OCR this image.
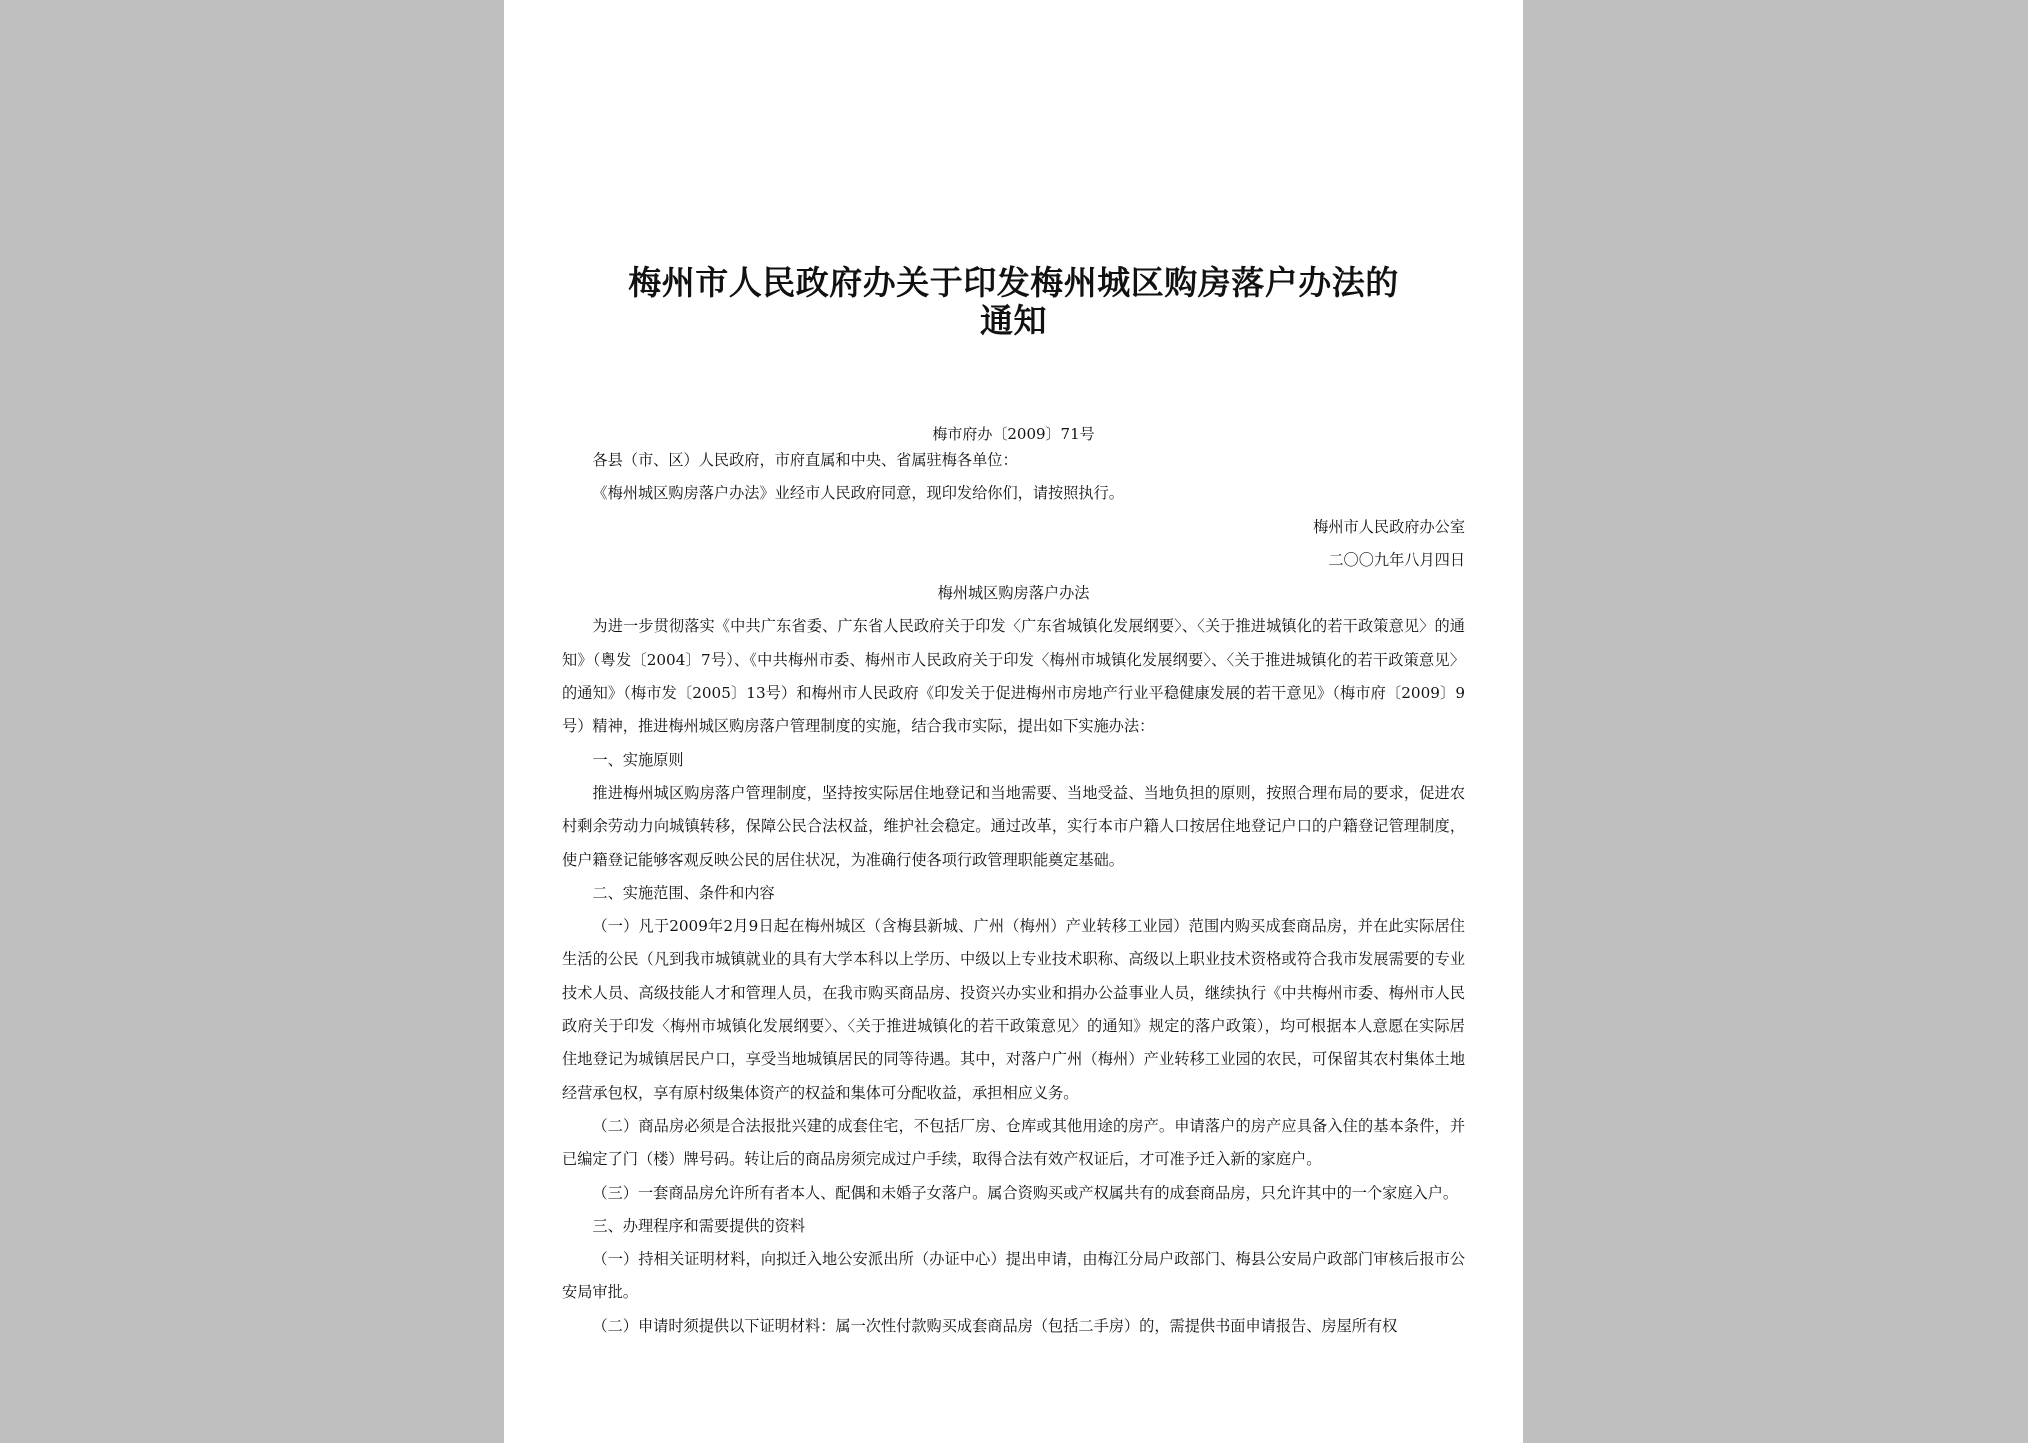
梅州市人民政府办关于印发梅州城区购房落户办法的
通知
梅市府办〔2009〕71号

各县（市、区）人民政府，市府直属和中央、省属驻梅各单位：

《梅州城区购房落户办法》业经市人民政府同意，现印发给你们，请按照执行。

梅州市人民政府办公室

二〇〇九年八月四日

梅州城区购房落户办法

为进一步贯彻落实《中共广东省委、广东省人民政府关于印发〈广东省城镇化发展纲要〉、〈关于推进城镇化的若干政策意见〉的通知》（粤发〔2004〕7号）、《中共梅州市委、梅州市人民政府关于印发〈梅州市城镇化发展纲要〉、〈关于推进城镇化的若干政策意见〉的通知》（梅市发〔2005〕13号）和梅州市人民政府《印发关于促进梅州市房地产行业平稳健康发展的若干意见》（梅市府〔2009〕9号）精神，推进梅州城区购房落户管理制度的实施，结合我市实际，提出如下实施办法：

一、实施原则

推进梅州城区购房落户管理制度，坚持按实际居住地登记和当地需要、当地受益、当地负担的原则，按照合理布局的要求，促进农村剩余劳动力向城镇转移，保障公民合法权益，维护社会稳定。通过改革，实行本市户籍人口按居住地登记户口的户籍登记管理制度，使户籍登记能够客观反映公民的居住状况，为准确行使各项行政管理职能奠定基础。

二、实施范围、条件和内容

（一）凡于2009年2月9日起在梅州城区（含梅县新城、广州（梅州）产业转移工业园）范围内购买成套商品房，并在此实际居住生活的公民（凡到我市城镇就业的具有大学本科以上学历、中级以上专业技术职称、高级以上职业技术资格或符合我市发展需要的专业技术人员、高级技能人才和管理人员，在我市购买商品房、投资兴办实业和捐办公益事业人员，继续执行《中共梅州市委、梅州市人民政府关于印发〈梅州市城镇化发展纲要〉、〈关于推进城镇化的若干政策意见〉的通知》规定的落户政策），均可根据本人意愿在实际居住地登记为城镇居民户口，享受当地城镇居民的同等待遇。其中，对落户广州（梅州）产业转移工业园的农民，可保留其农村集体土地经营承包权，享有原村级集体资产的权益和集体可分配收益，承担相应义务。

（二）商品房必须是合法报批兴建的成套住宅，不包括厂房、仓库或其他用途的房产。申请落户的房产应具备入住的基本条件，并已编定了门（楼）牌号码。转让后的商品房须完成过户手续，取得合法有效产权证后，才可准予迁入新的家庭户。

（三）一套商品房允许所有者本人、配偶和未婚子女落户。属合资购买或产权属共有的成套商品房，只允许其中的一个家庭入户。

三、办理程序和需要提供的资料

（一）持相关证明材料，向拟迁入地公安派出所（办证中心）提出申请，由梅江分局户政部门、梅县公安局户政部门审核后报市公安局审批。

（二）申请时须提供以下证明材料：属一次性付款购买成套商品房（包括二手房）的，需提供书面申请报告、房屋所有权
